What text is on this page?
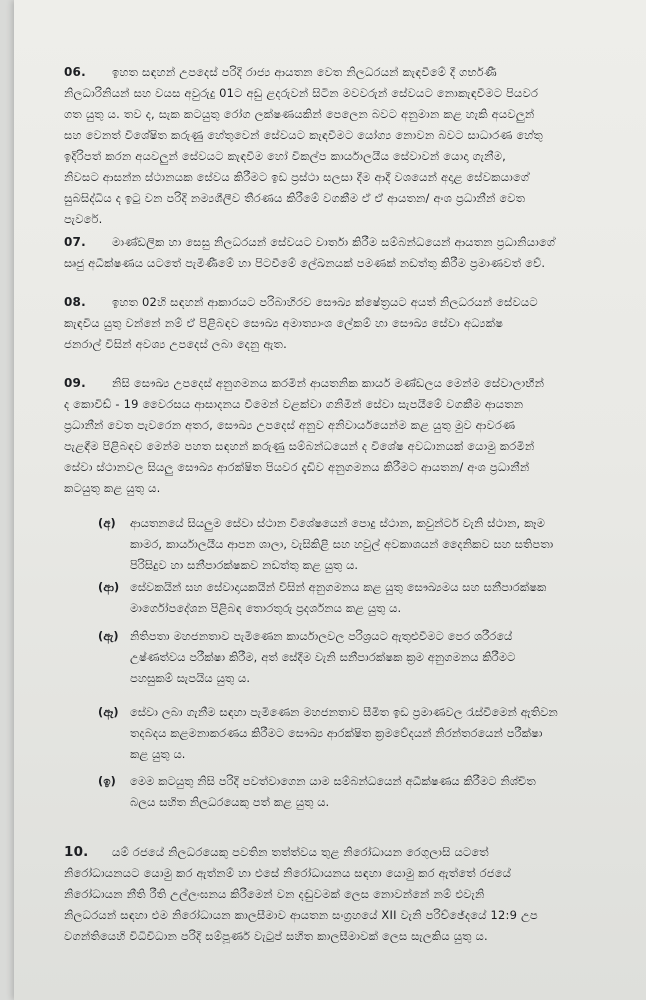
06.	ඉහත සඳහන් උපදෙස් පරිදි රාජ්‍ය ආයතන වෙත නිලධරයන් කැඳවීමේ දී ගර්භණී
නිලධාරිනියන් සහ වයස අවුරුදු 01ට අඩු ළදරුවන් සිටින මවවරුන් සේවයට නොකැඳවීමට පියවර
ගත යුතු ය. තව ද, සැක කටයුතු රෝග ලක්ෂණයකින් පෙලෙන බවට අනුමාන කළ හැකි අයවලුන්
සහ වෙනත් විශේෂිත කරුණු හේතුවෙන් සේවයට කැඳවීමට යෝග්‍ය නොවන බවට සාධාරණ හේතු
ඉදිරිපත් කරන අයවලුන් සේවයට කැඳවීම හෝ විකල්ප කාර්යාලයීය සේවාවන් යොදා ගැනීම,
නිවසට ආසන්න ස්ථානයක සේවය කිරීමට ඉඩ ප්‍රස්ථා සලසා දීම ආදී වශයෙන් අදාළ සේවකයාගේ
සුබසිද්ධිය ද ඉටු වන පරිදි නම්‍යශීලීව තීරණය කිරීමේ වගකීම ඒ ඒ ආයතන/ අංශ ප්‍රධානීන් වෙත
පැවරේ.
07.	මාණ්ඩලික හා සෙසු නිලධරයන් සේවයට වාර්තා කිරීම සම්බන්ධයෙන් ආයතන ප්‍රධානියාගේ
සෘජු අධීක්ෂණය යටතේ පැමිණීමේ හා පිටවීමේ ලේඛනයක් පමණක් නඩත්තු කිරීම ප්‍රමාණවත් වේ.
08.	ඉහත 02හි සඳහන් ආකාරයට පරිබාහිරව සෞඛ්‍ය ක්ෂේත්‍රයට අයත් නිලධරයන් සේවයට
කැඳවිය යුතු වන්නේ නම් ඒ පිළිබඳව සෞඛ්‍ය අමාත්‍යාංශ ලේකම් හා සෞඛ්‍ය සේවා අධ්‍යක්ෂ
ජනරාල් විසින් අවශ්‍ය උපදෙස් ලබා දෙනු ඇත.
09.	නිසි සෞඛ්‍ය උපදෙස් අනුගමනය කරමින් ආයතනික කාර්ය මණ්ඩලය මෙන්ම සේවාලාභීන්
ද කොවිඩ් - 19 වෛරසය ආසාදනය වීමෙන් වළක්වා ගනිමින් සේවා සැපයීමේ වගකීම ආයතන
ප්‍රධානීන් වෙත පැවරෙන අතර, සෞඛ්‍ය උපදෙස් අනුව අනිවාර්යයෙන්ම කළ යුතු මුව ආවරණ
පැළඳීම පිළිබඳව මෙන්ම පහත සඳහන් කරුණු සම්බන්ධයෙන් ද විශේෂ අවධානයක් යොමු කරමින්
සේවා ස්ථානවල සියලු සෞඛ්‍ය ආරක්ෂිත පියවර දැඩිව අනුගමනය කිරීමට ආයතන/ අංශ ප්‍රධානීන්
කටයුතු කළ යුතු ය.
(අ) ආයතනයේ සියලුම සේවා ස්ථාන විශේෂයෙන් පොදු ස්ථාන, කවුන්ටර් වැනි ස්ථාන, කෑම
කාමර, කාර්යාලයීය ආපන ශාලා, වැසිකිළි සහ හවුල් අවකාශයන් දෛනිකව සහ සතිපතා
පිරිසිදුව හා සනීපාරක්ෂකව නඩත්තු කළ යුතු ය.
(ආ) සේවකයින් සහ සේවාදායකයින් විසින් අනුගමනය කළ යුතු සෞඛ්‍යමය සහ සනීපාරක්ෂක
මාර්ගෝපදේශන පිළිබඳ තොරතුරු ප්‍රදර්ශනය කළ යුතු ය.
(ඇ) නිතිපතා මහජනතාව පැමිණෙන කාර්යාලවල පරිශ්‍රයට ඇතුළුවීමට පෙර ශරීරයේ
උෂ්ණත්වය පරීක්ෂා කිරීම, අත් සේදීම වැනි සනීපාරක්ෂක ක්‍රම අනුගමනය කිරීමට
පහසුකම් සැපයිය යුතු ය.
(ඈ) සේවා ලබා ගැනීම සඳහා පැමිණෙන මහජනතාව සීමිත ඉඩ ප්‍රමාණවල රැස්වීමෙන් ඇතිවන
තදබදය කළමනාකරණය කිරීමට සෞඛ්‍ය ආරක්ෂිත ක්‍රමවේදයන් නිරන්තරයෙන් පරීක්ෂා
කළ යුතු ය.
(ඉ) මෙම කටයුතු නිසි පරිදි පවත්වාගෙන යාම සම්බන්ධයෙන් අධීක්ෂණය කිරීමට නිශ්චිත
බලය සහිත නිලධරයෙකු පත් කළ යුතු ය.
10.	යම් රජයේ නිලධරයෙකු පවතින තත්ත්වය තුළ නිරෝධායන රෙගුලාසි යටතේ
නිරෝධායනයට යොමු කර ඇත්නම් හා එසේ නිරෝධායනය සඳහා යොමු කර ඇත්තේ රජයේ
නිරෝධායන නීති රීති උල්ලංඝනය කිරීමෙන් වන දඬුවමක් ලෙස නොවන්නේ නම් එවැනි
නිලධරයන් සඳහා එම නිරෝධායන කාලසීමාව ආයතන සංග්‍රහයේ XII වැනි පරිච්ඡේදයේ 12:9 උප
වගන්තියෙහි විධිවිධාන පරිදි සම්පූර්ණ වැටුප් සහිත කාලසීමාවක් ලෙස සැලකිය යුතු ය.
